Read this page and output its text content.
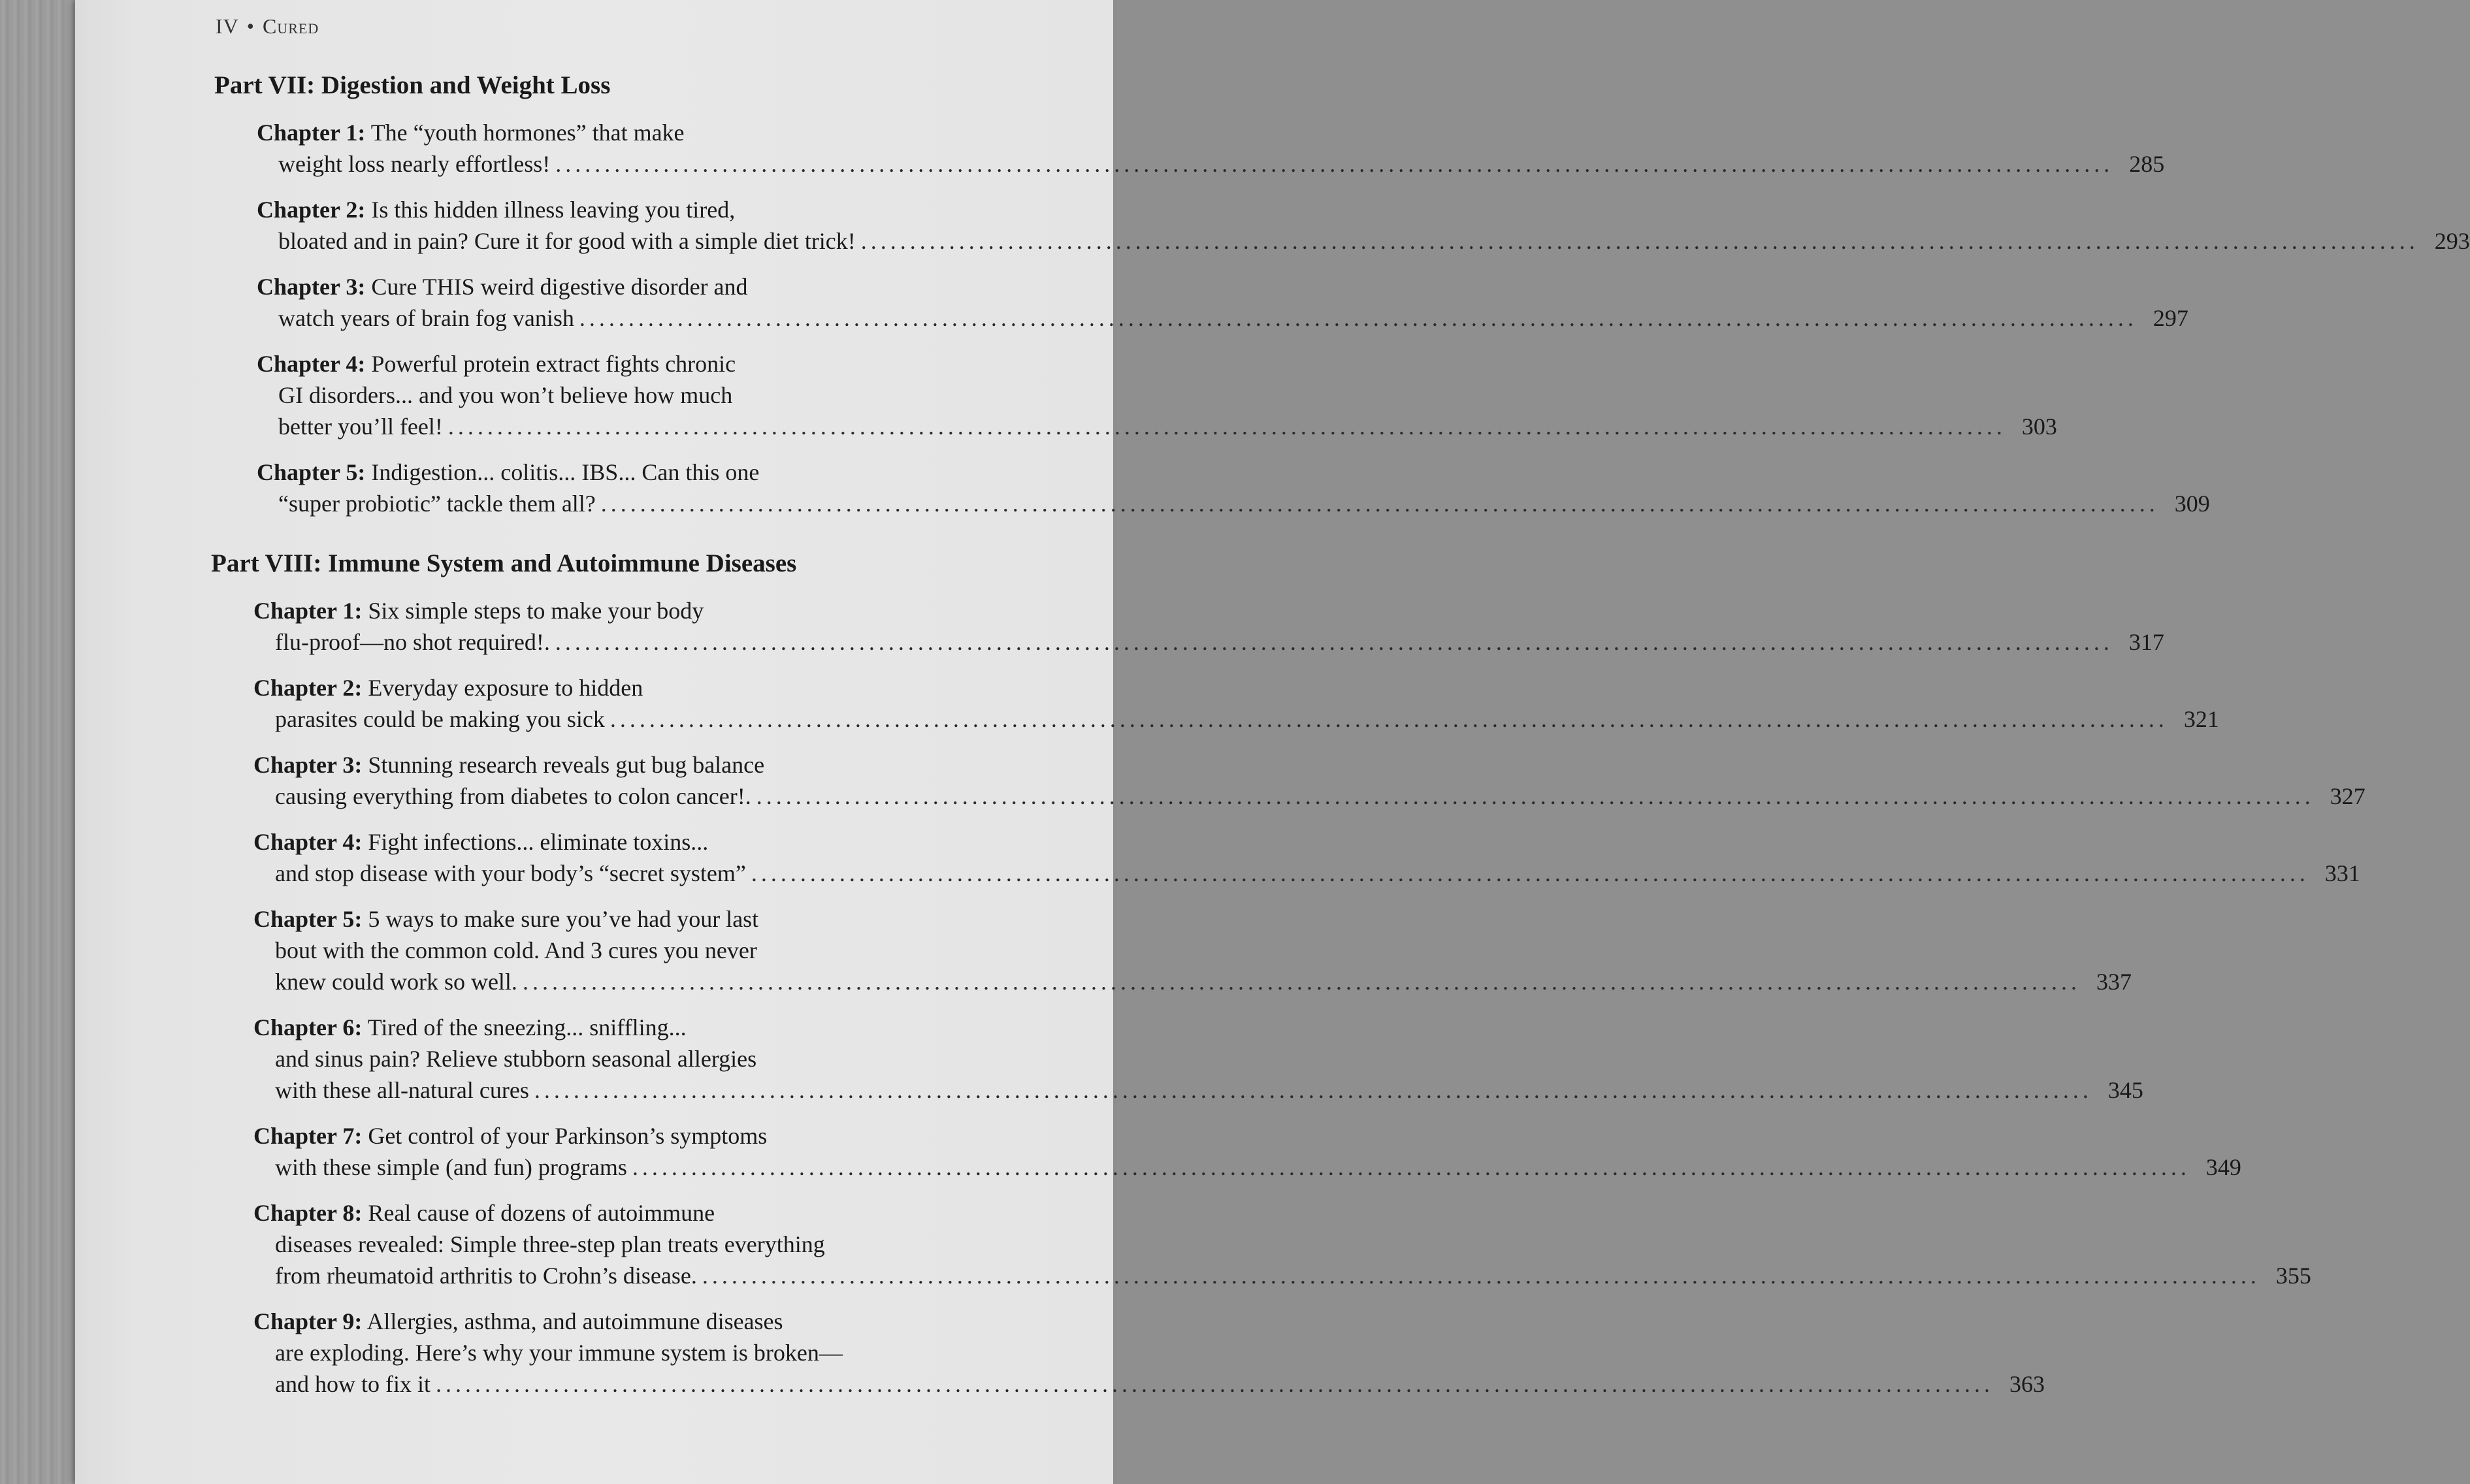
IV • Cured
Part VII: Digestion and Weight Loss
Chapter 1: The “youth hormones” that make
weight loss nearly effortless! ............................................................................................................................................................... 285
Chapter 2: Is this hidden illness leaving you tired,
bloated and in pain? Cure it for good with a simple diet trick! ............................................................................................................................................................... 293
Chapter 3: Cure THIS weird digestive disorder and
watch years of brain fog vanish ............................................................................................................................................................... 297
Chapter 4: Powerful protein extract fights chronic
GI disorders... and you won’t believe how much
better you’ll feel! ............................................................................................................................................................... 303
Chapter 5: Indigestion... colitis... IBS... Can this one
“super probiotic” tackle them all? ............................................................................................................................................................... 309
Part VIII: Immune System and Autoimmune Diseases
Chapter 1: Six simple steps to make your body
flu-proof—no shot required!. ............................................................................................................................................................... 317
Chapter 2: Everyday exposure to hidden
parasites could be making you sick ............................................................................................................................................................... 321
Chapter 3: Stunning research reveals gut bug balance
causing everything from diabetes to colon cancer!. ............................................................................................................................................................... 327
Chapter 4: Fight infections... eliminate toxins...
and stop disease with your body’s “secret system” ............................................................................................................................................................... 331
Chapter 5: 5 ways to make sure you’ve had your last
bout with the common cold. And 3 cures you never
knew could work so well. ............................................................................................................................................................... 337
Chapter 6: Tired of the sneezing... sniffling...
and sinus pain? Relieve stubborn seasonal allergies
with these all-natural cures ............................................................................................................................................................... 345
Chapter 7: Get control of your Parkinson’s symptoms
with these simple (and fun) programs ............................................................................................................................................................... 349
Chapter 8: Real cause of dozens of autoimmune
diseases revealed: Simple three-step plan treats everything
from rheumatoid arthritis to Crohn’s disease. ............................................................................................................................................................... 355
Chapter 9: Allergies, asthma, and autoimmune diseases
are exploding. Here’s why your immune system is broken—
and how to fix it ............................................................................................................................................................... 363
